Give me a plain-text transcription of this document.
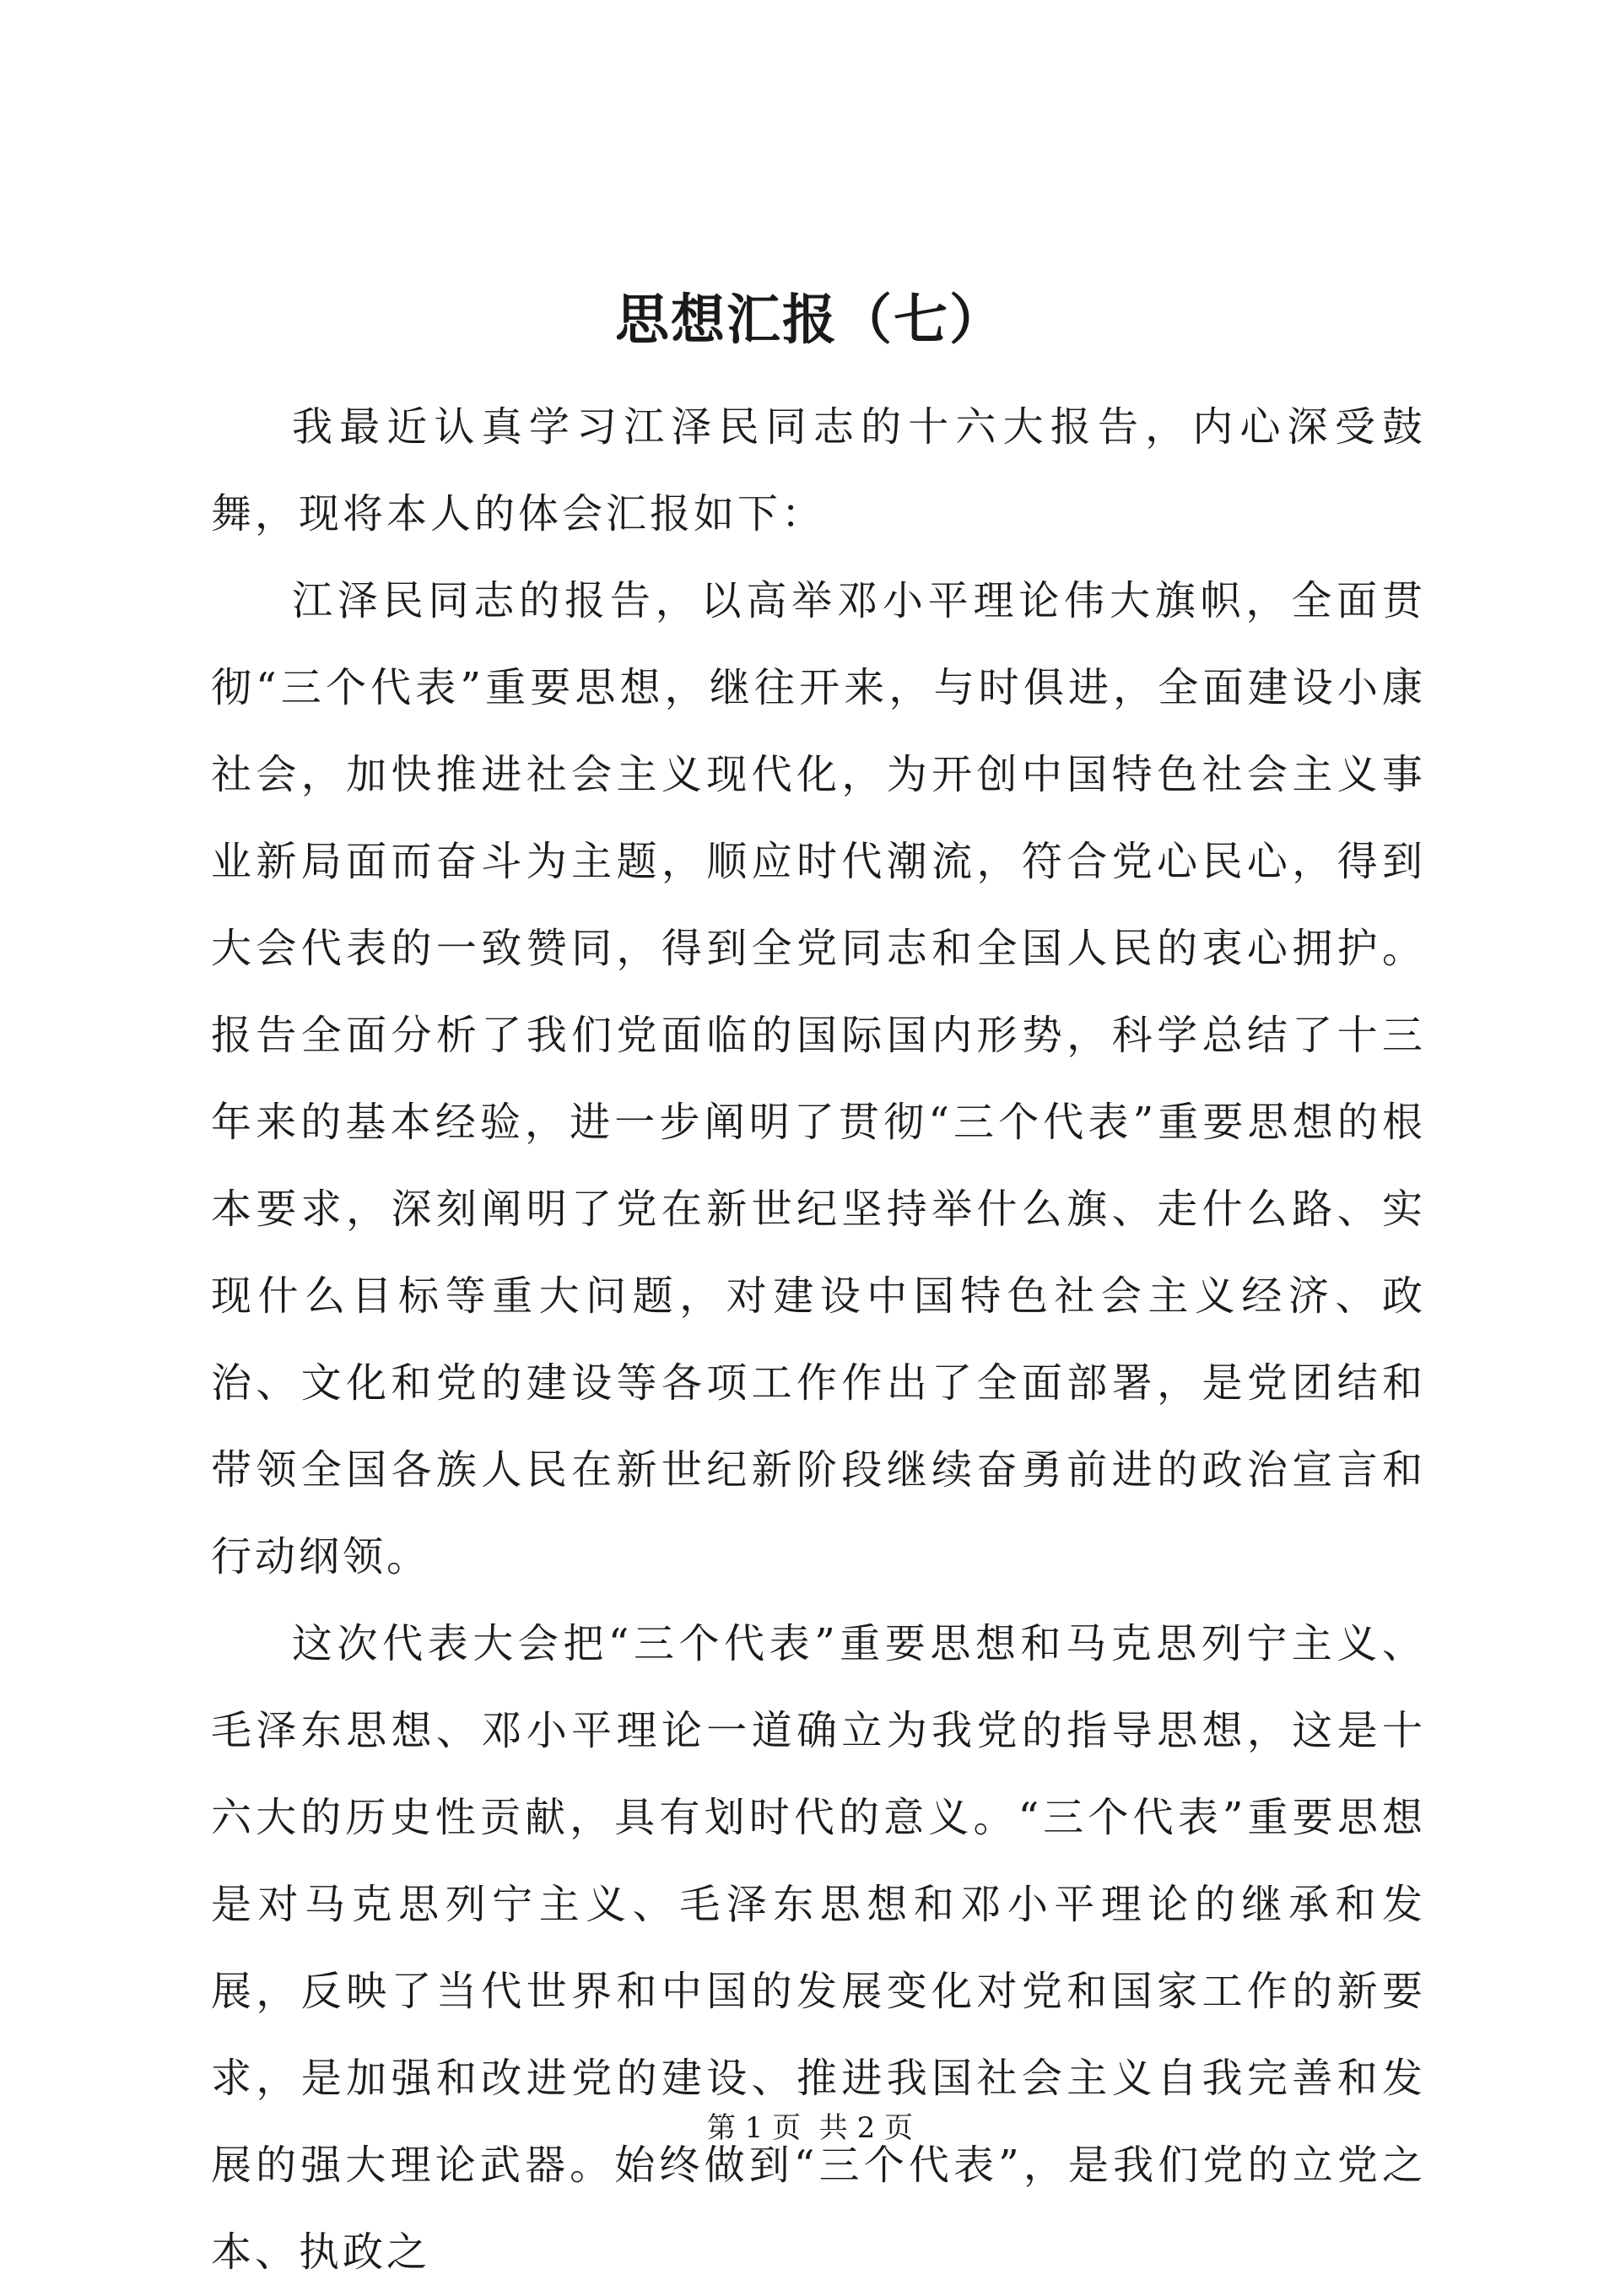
思想汇报（七）

我最近认真学习江泽民同志的十六大报告，内心深受鼓舞，现将本人的体会汇报如下：

江泽民同志的报告，以高举邓小平理论伟大旗帜，全面贯彻“三个代表”重要思想，继往开来，与时俱进，全面建设小康社会，加快推进社会主义现代化，为开创中国特色社会主义事业新局面而奋斗为主题，顺应时代潮流，符合党心民心，得到大会代表的一致赞同，得到全党同志和全国人民的衷心拥护。报告全面分析了我们党面临的国际国内形势，科学总结了十三年来的基本经验，进一步阐明了贯彻“三个代表”重要思想的根本要求，深刻阐明了党在新世纪坚持举什么旗、走什么路、实现什么目标等重大问题，对建设中国特色社会主义经济、政治、文化和党的建设等各项工作作出了全面部署，是党团结和带领全国各族人民在新世纪新阶段继续奋勇前进的政治宣言和行动纲领。

这次代表大会把“三个代表”重要思想和马克思列宁主义、毛泽东思想、邓小平理论一道确立为我党的指导思想，这是十六大的历史性贡献，具有划时代的意义。“三个代表”重要思想是对马克思列宁主义、毛泽东思想和邓小平理论的继承和发展，反映了当代世界和中国的发展变化对党和国家工作的新要求，是加强和改进党的建设、推进我国社会主义自我完善和发展的强大理论武器。始终做到“三个代表”，是我们党的立党之本、执政之

第 1 页  共 2 页
